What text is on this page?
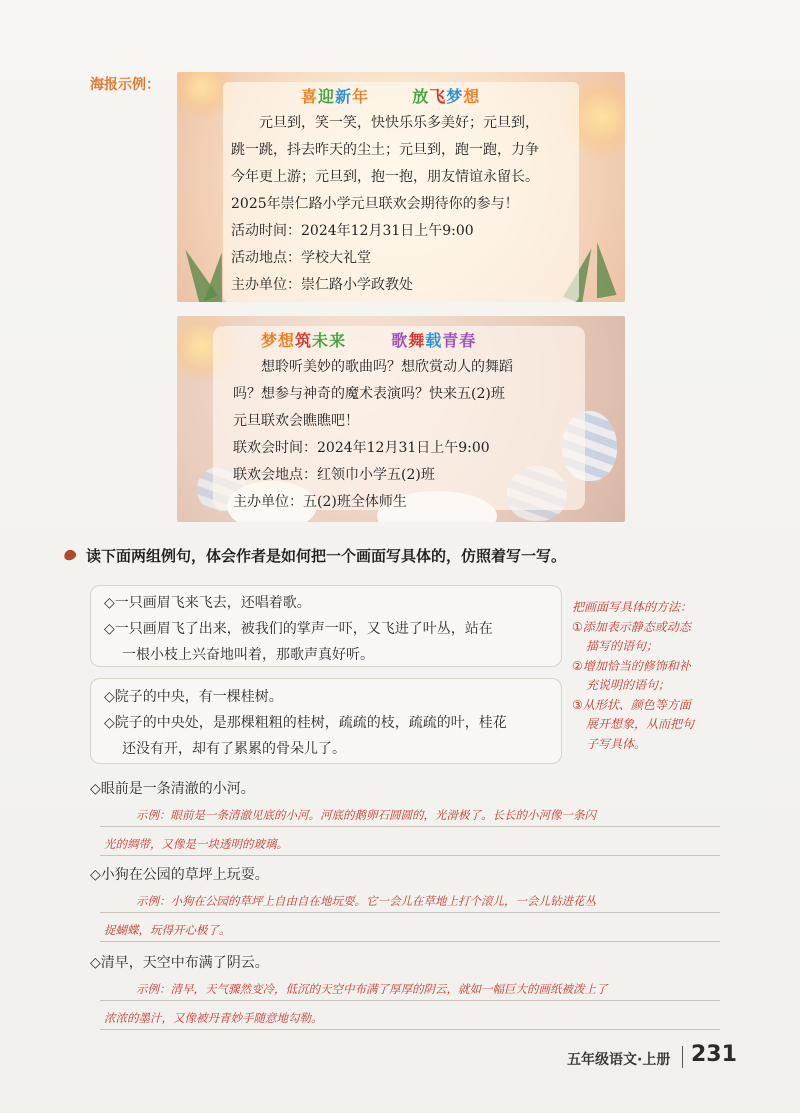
海报示例：
喜迎新年	放飞梦想
元旦到，笑一笑，快快乐乐多美好；元旦到，
跳一跳，抖去昨天的尘土；元旦到，跑一跑，力争
今年更上游；元旦到，抱一抱，朋友情谊永留长。
2025年崇仁路小学元旦联欢会期待你的参与！
活动时间：2024年12月31日上午9:00
活动地点：学校大礼堂
主办单位：崇仁路小学政教处
梦想筑未来	歌舞载青春
想聆听美妙的歌曲吗？想欣赏动人的舞蹈
吗？想参与神奇的魔术表演吗？快来五(2)班
元旦联欢会瞧瞧吧！
联欢会时间：2024年12月31日上午9:00
联欢会地点：红领巾小学五(2)班
主办单位：五(2)班全体师生
读下面两组例句，体会作者是如何把一个画面写具体的，仿照着写一写。
◇一只画眉飞来飞去，还唱着歌。
◇一只画眉飞了出来，被我们的掌声一吓，又飞进了叶丛，站在
一根小枝上兴奋地叫着，那歌声真好听。
◇院子的中央，有一棵桂树。
◇院子的中央处，是那棵粗粗的桂树，疏疏的枝，疏疏的叶，桂花
还没有开，却有了累累的骨朵儿了。
把画面写具体的方法：
①添加表示静态或动态
描写的语句；
②增加恰当的修饰和补
充说明的语句；
③从形状、颜色等方面
展开想象，从而把句
子写具体。
◇眼前是一条清澈的小河。
示例：眼前是一条清澈见底的小河。河底的鹅卵石圆圆的，光滑极了。长长的小河像一条闪
光的绸带，又像是一块透明的玻璃。
◇小狗在公园的草坪上玩耍。
示例：小狗在公园的草坪上自由自在地玩耍。它一会儿在草地上打个滚儿，一会儿钻进花丛
捉蝴蝶，玩得开心极了。
◇清早，天空中布满了阴云。
示例：清早，天气骤然变冷，低沉的天空中布满了厚厚的阴云，就如一幅巨大的画纸被泼上了
浓浓的墨汁，又像被丹青妙手随意地勾勒。
五年级语文·上册 231
